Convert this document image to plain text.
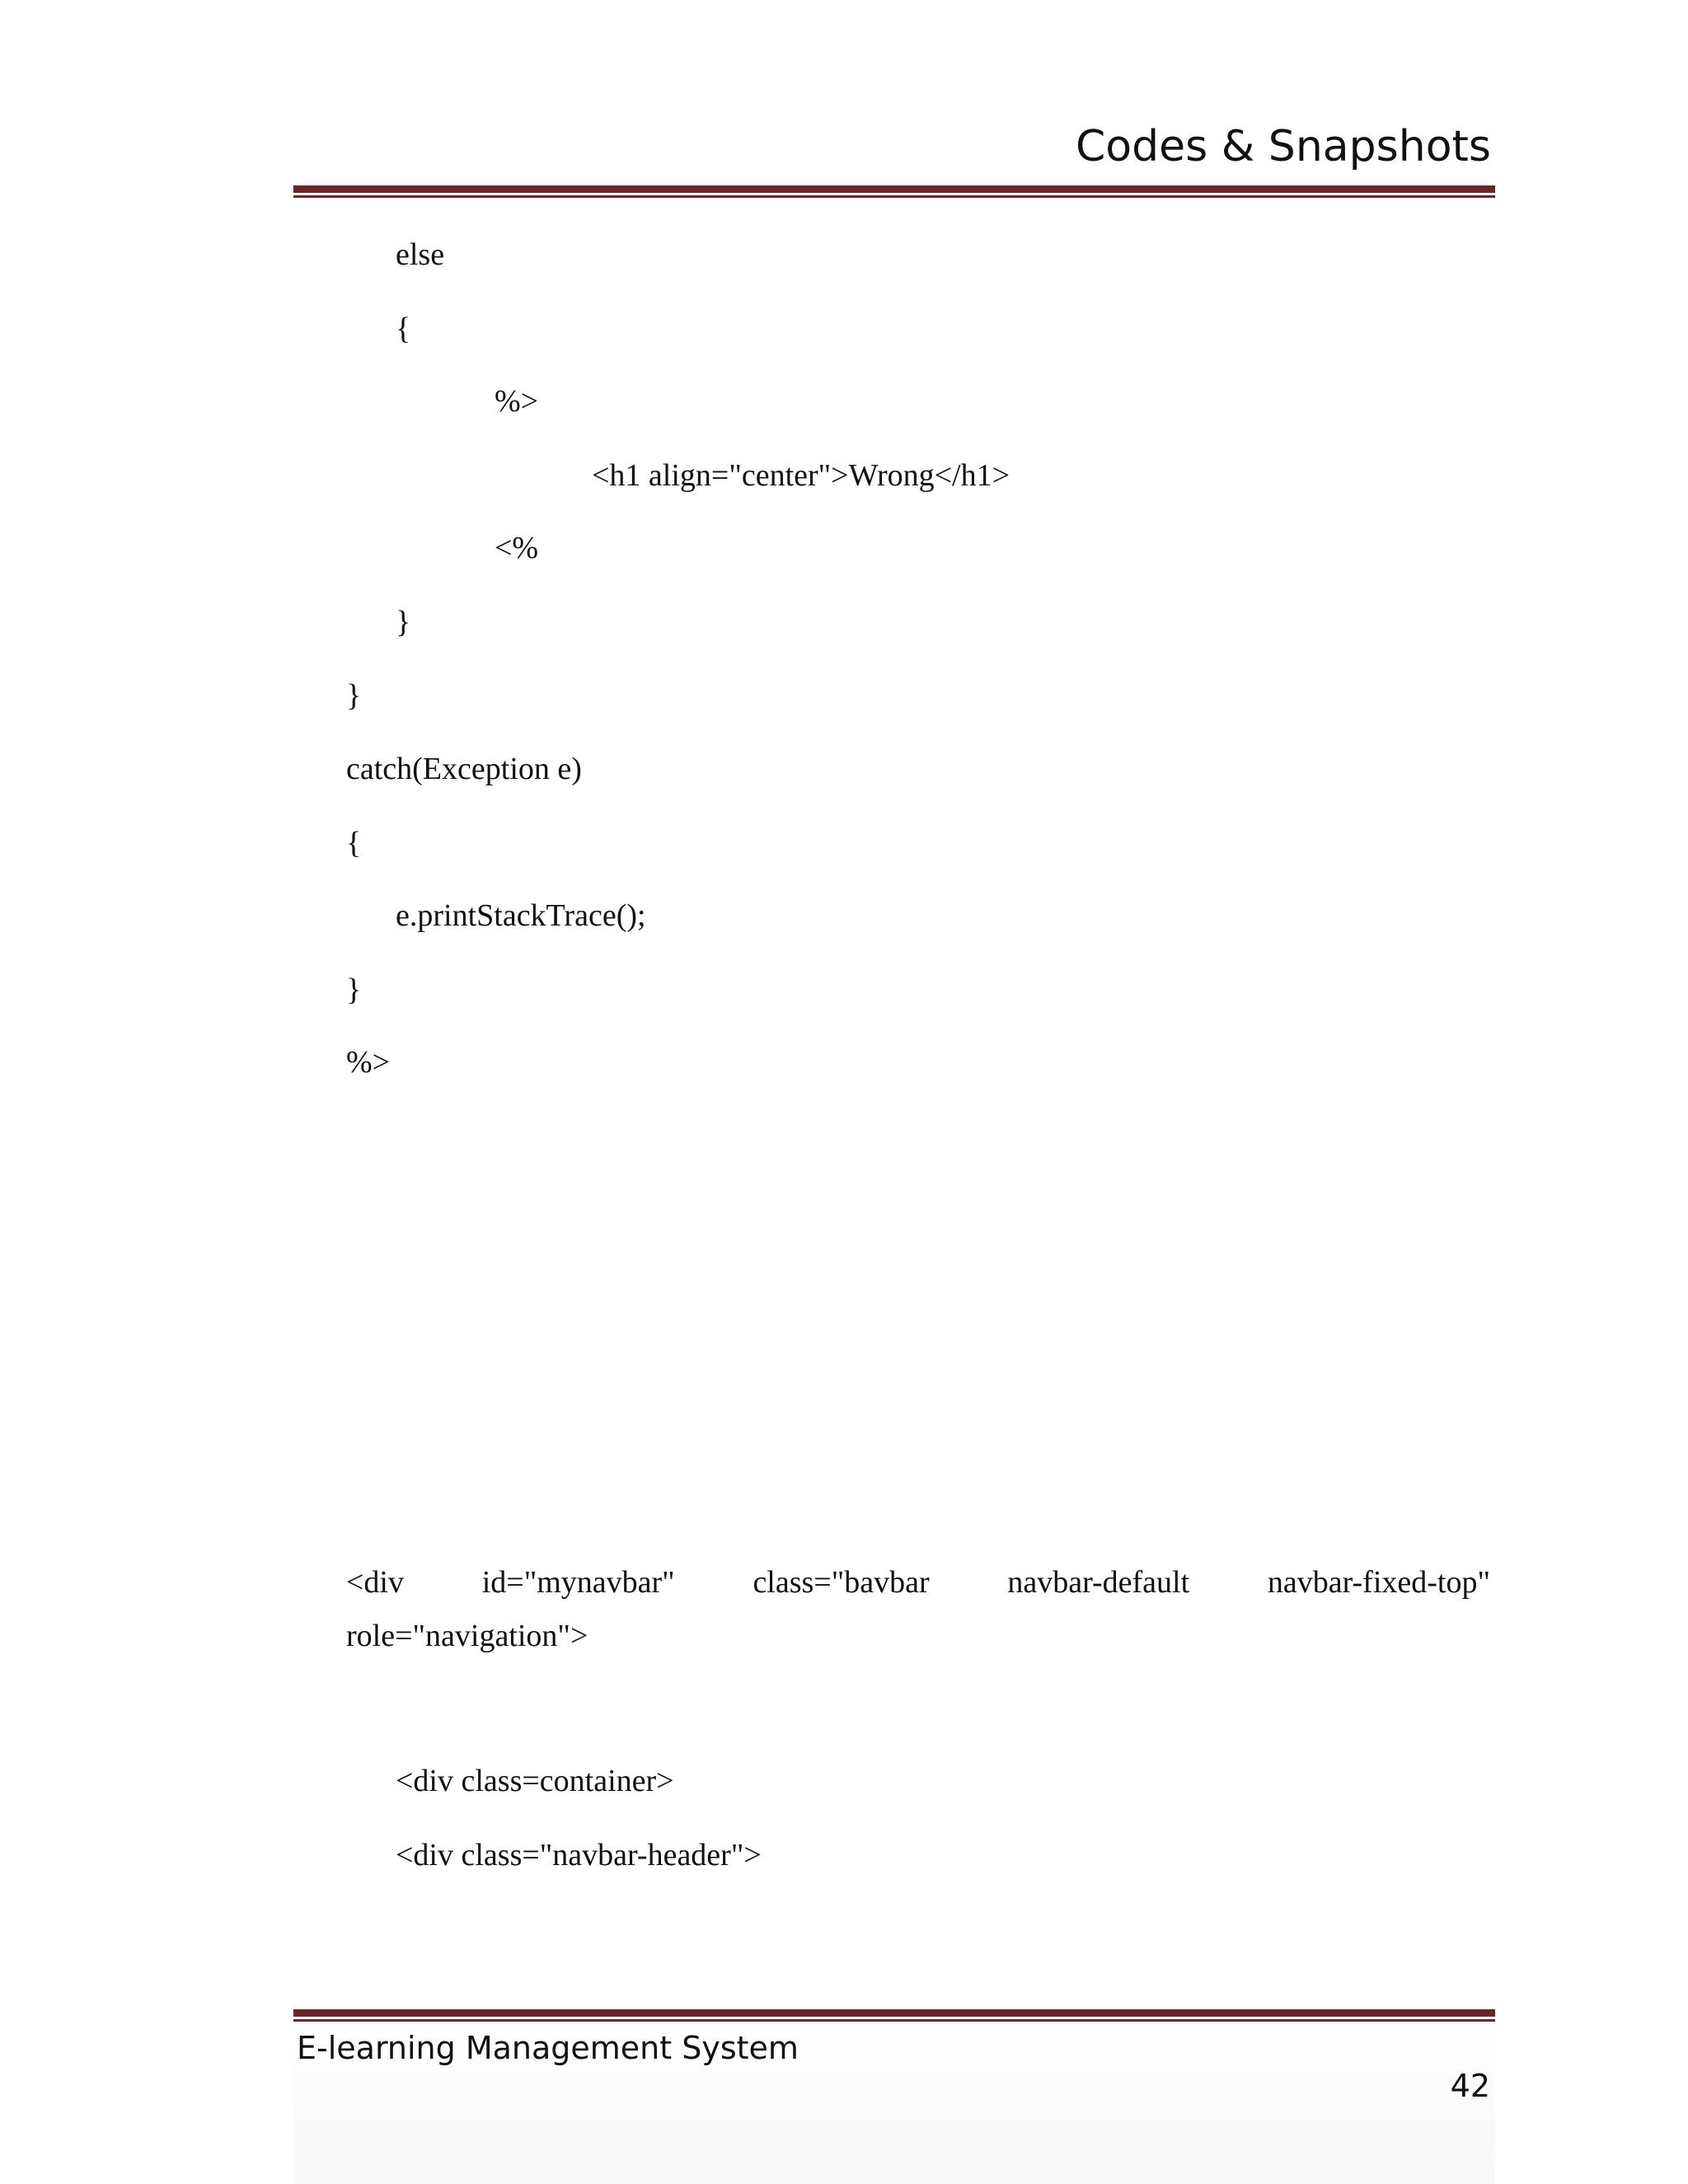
Codes & Snapshots
else
{
%>
<h1 align="center">Wrong</h1>
<%
}
}
catch(Exception e)
{
e.printStackTrace();
}
%>
<div id="mynavbar" class="bavbar navbar-default navbar-fixed-top"
role="navigation">
<div class=container>
<div class="navbar-header">
E-learning Management System
42
